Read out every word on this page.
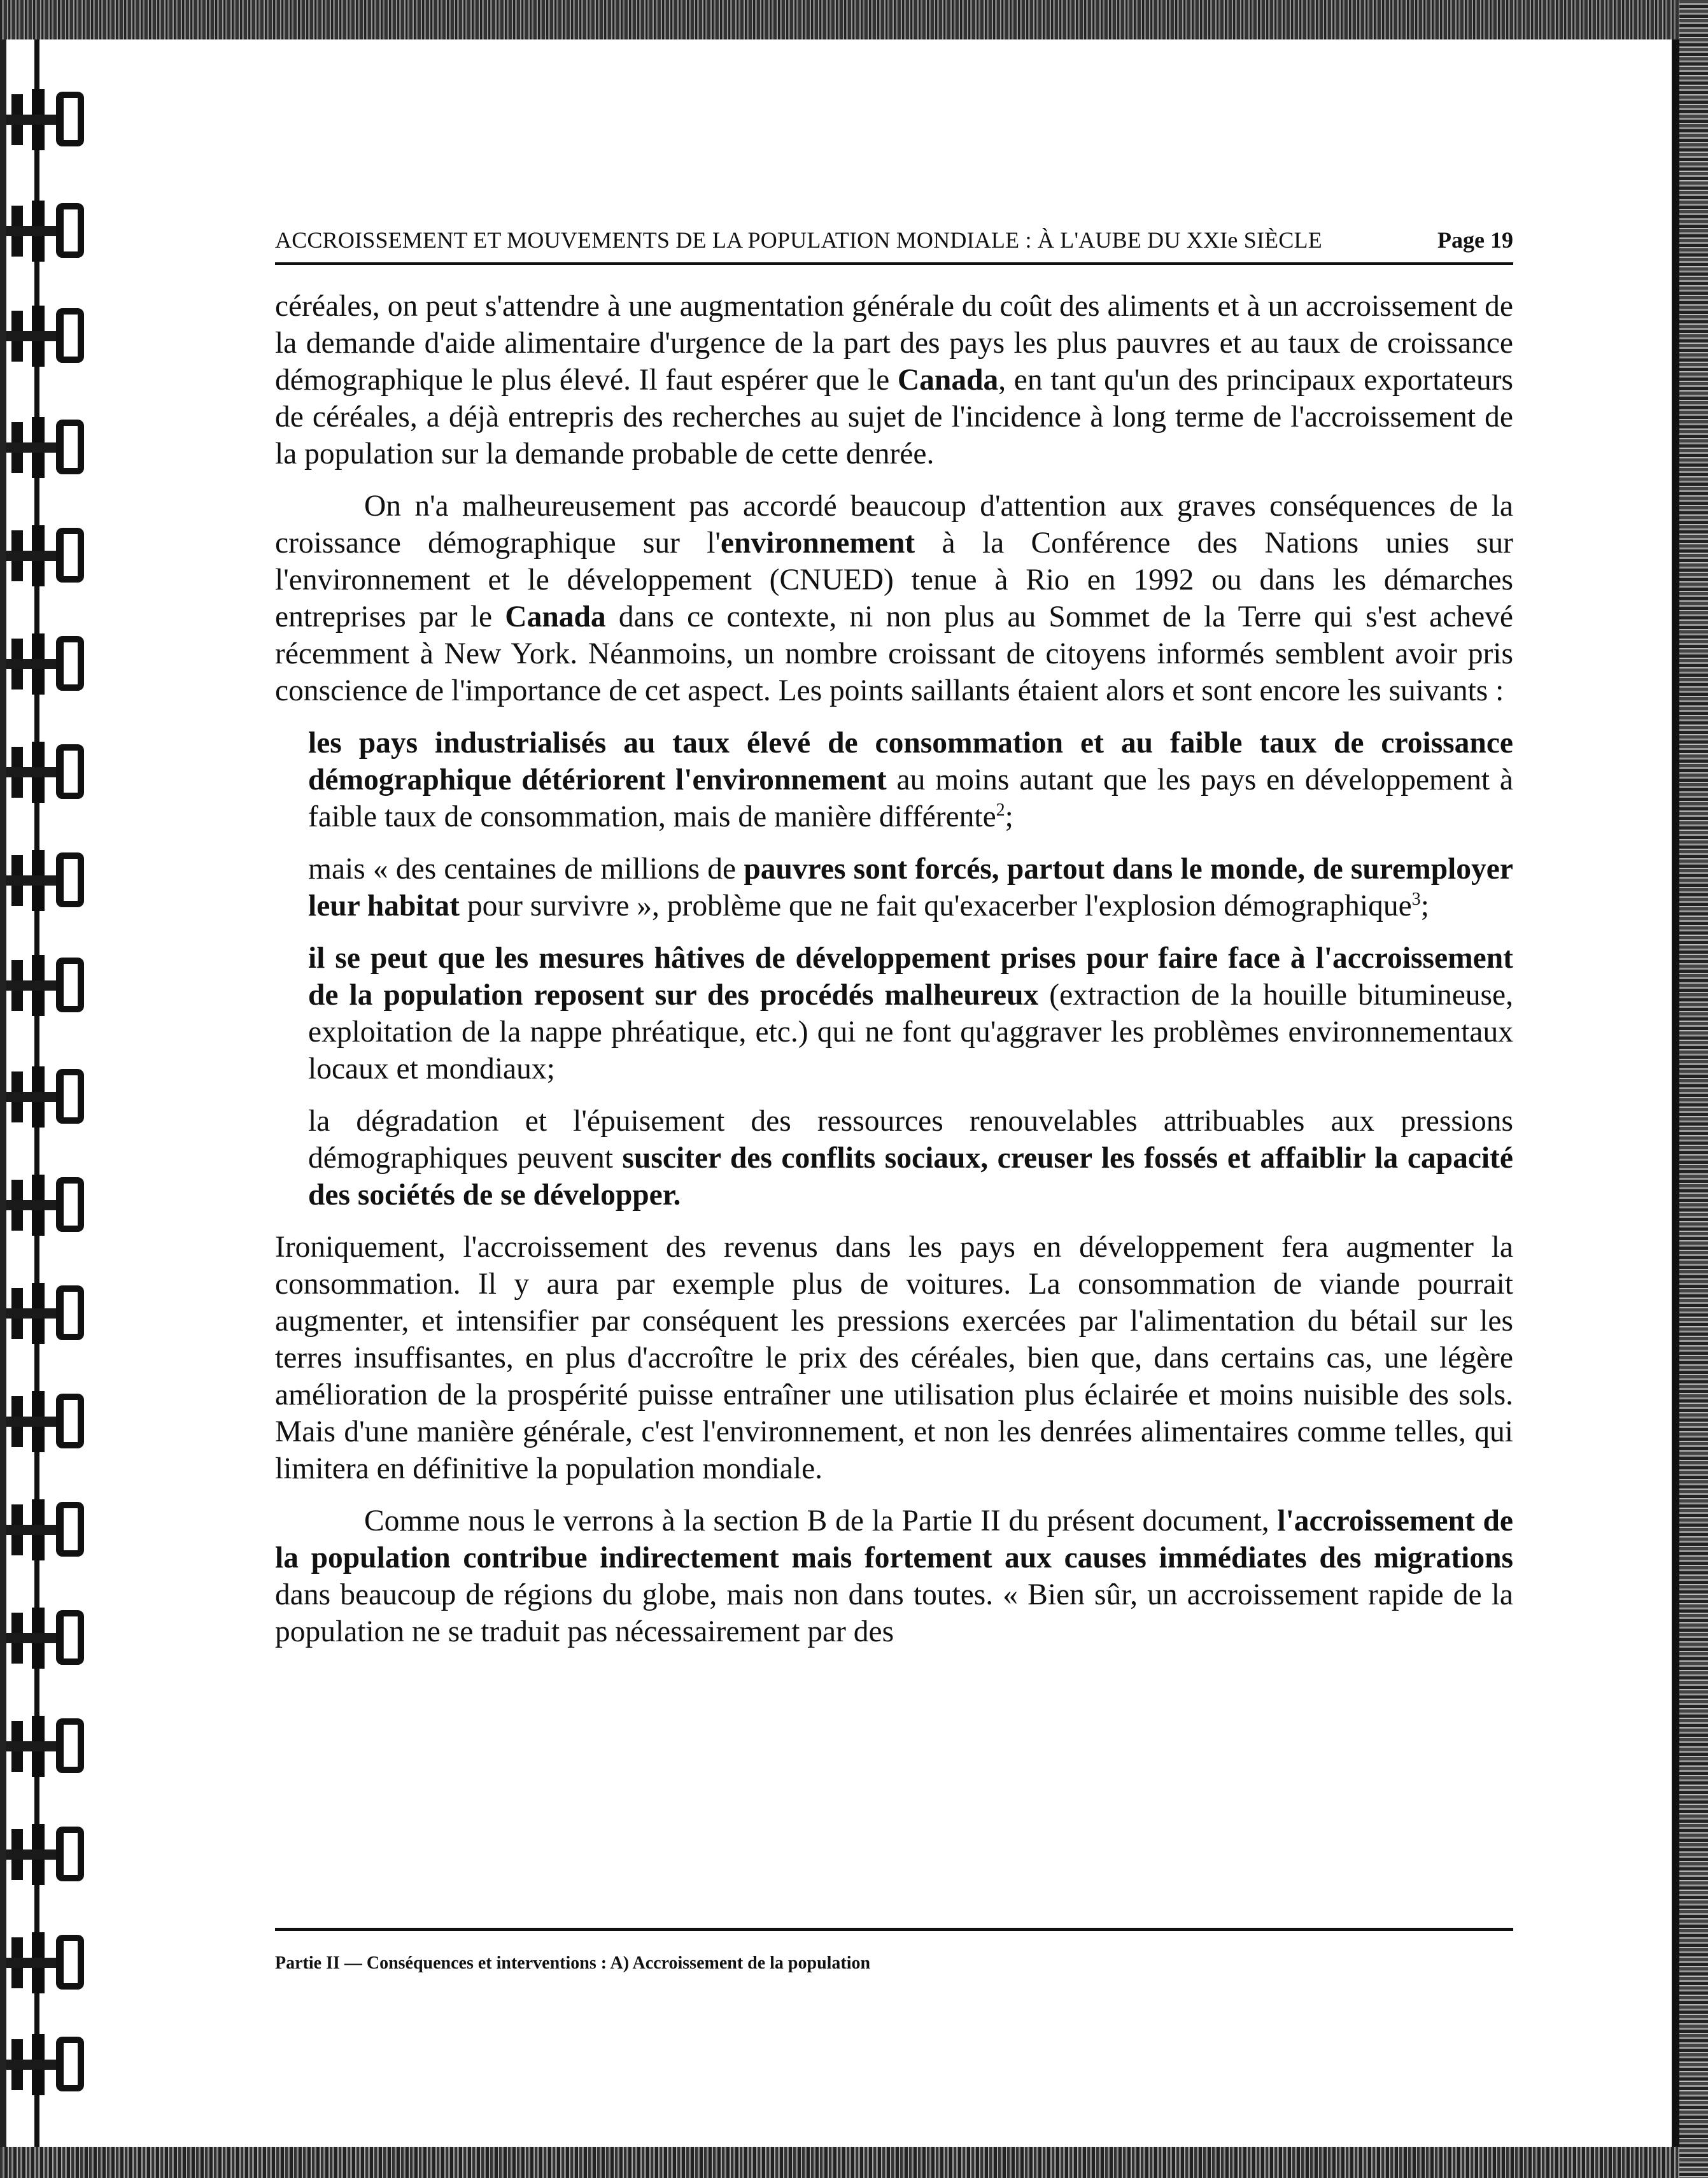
ACCROISSEMENT ET MOUVEMENTS DE LA POPULATION MONDIALE : À L'AUBE DU XXIe SIÈCLE	Page 19

céréales, on peut s'attendre à une augmentation générale du coût des aliments et à un accroissement de la demande d'aide alimentaire d'urgence de la part des pays les plus pauvres et au taux de croissance démographique le plus élevé. Il faut espérer que le Canada, en tant qu'un des principaux exportateurs de céréales, a déjà entrepris des recherches au sujet de l'incidence à long terme de l'accroissement de la population sur la demande probable de cette denrée.

On n'a malheureusement pas accordé beaucoup d'attention aux graves conséquences de la croissance démographique sur l'environnement à la Conférence des Nations unies sur l'environnement et le développement (CNUED) tenue à Rio en 1992 ou dans les démarches entreprises par le Canada dans ce contexte, ni non plus au Sommet de la Terre qui s'est achevé récemment à New York. Néanmoins, un nombre croissant de citoyens informés semblent avoir pris conscience de l'importance de cet aspect. Les points saillants étaient alors et sont encore les suivants :

les pays industrialisés au taux élevé de consommation et au faible taux de croissance démographique détériorent l'environnement au moins autant que les pays en développement à faible taux de consommation, mais de manière différente$^2$;

mais « des centaines de millions de pauvres sont forcés, partout dans le monde, de suremployer leur habitat pour survivre », problème que ne fait qu'exacerber l'explosion démographique$^3$;

il se peut que les mesures hâtives de développement prises pour faire face à l'accroissement de la population reposent sur des procédés malheureux (extraction de la houille bitumineuse, exploitation de la nappe phréatique, etc.) qui ne font qu'aggraver les problèmes environnementaux locaux et mondiaux;

la dégradation et l'épuisement des ressources renouvelables attribuables aux pressions démographiques peuvent susciter des conflits sociaux, creuser les fossés et affaiblir la capacité des sociétés de se développer.

Ironiquement, l'accroissement des revenus dans les pays en développement fera augmenter la consommation. Il y aura par exemple plus de voitures. La consommation de viande pourrait augmenter, et intensifier par conséquent les pressions exercées par l'alimentation du bétail sur les terres insuffisantes, en plus d'accroître le prix des céréales, bien que, dans certains cas, une légère amélioration de la prospérité puisse entraîner une utilisation plus éclairée et moins nuisible des sols. Mais d'une manière générale, c'est l'environnement, et non les denrées alimentaires comme telles, qui limitera en définitive la population mondiale.

Comme nous le verrons à la section B de la Partie II du présent document, l'accroissement de la population contribue indirectement mais fortement aux causes immédiates des migrations dans beaucoup de régions du globe, mais non dans toutes. « Bien sûr, un accroissement rapide de la population ne se traduit pas nécessairement par des

Partie II — Conséquences et interventions : A) Accroissement de la population
